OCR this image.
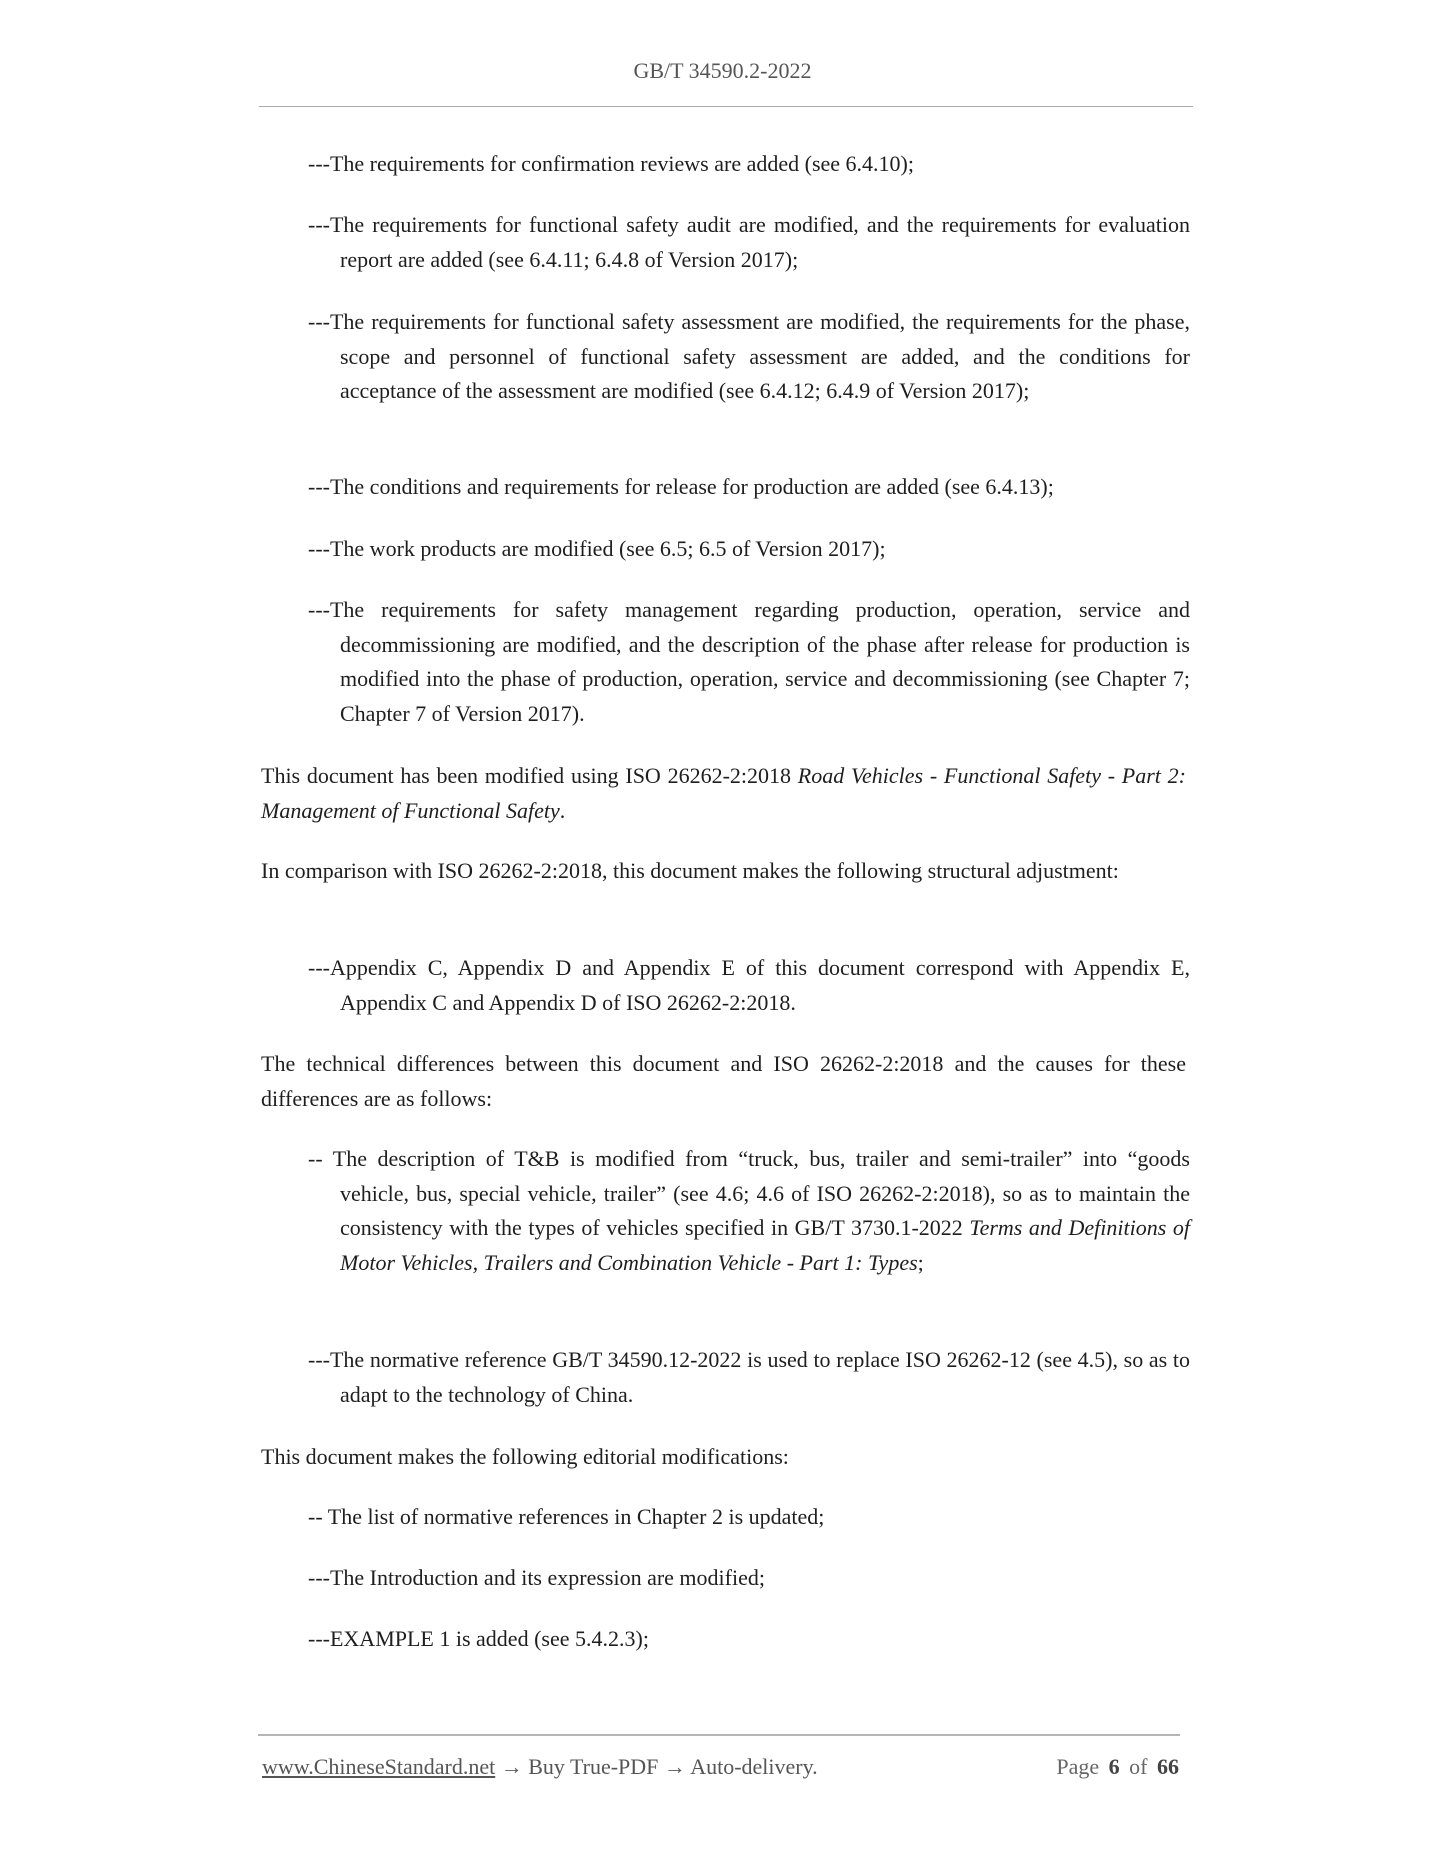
GB/T 34590.2-2022

---The requirements for confirmation reviews are added (see 6.4.10);

---The requirements for functional safety audit are modified, and the requirements for evaluation report are added (see 6.4.11; 6.4.8 of Version 2017);

---The requirements for functional safety assessment are modified, the requirements for the phase, scope and personnel of functional safety assessment are added, and the conditions for acceptance of the assessment are modified (see 6.4.12; 6.4.9 of Version 2017);

---The conditions and requirements for release for production are added (see 6.4.13);

---The work products are modified (see 6.5; 6.5 of Version 2017);

---The requirements for safety management regarding production, operation, service and decommissioning are modified, and the description of the phase after release for production is modified into the phase of production, operation, service and decommissioning (see Chapter 7; Chapter 7 of Version 2017).

This document has been modified using ISO 26262-2:2018 Road Vehicles - Functional Safety - Part 2: Management of Functional Safety.

In comparison with ISO 26262-2:2018, this document makes the following structural adjustment:

---Appendix C, Appendix D and Appendix E of this document correspond with Appendix E, Appendix C and Appendix D of ISO 26262-2:2018.

The technical differences between this document and ISO 26262-2:2018 and the causes for these differences are as follows:

-- The description of T&B is modified from “truck, bus, trailer and semi-trailer” into “goods vehicle, bus, special vehicle, trailer” (see 4.6; 4.6 of ISO 26262-2:2018), so as to maintain the consistency with the types of vehicles specified in GB/T 3730.1-2022 Terms and Definitions of Motor Vehicles, Trailers and Combination Vehicle - Part 1: Types;

---The normative reference GB/T 34590.12-2022 is used to replace ISO 26262-12 (see 4.5), so as to adapt to the technology of China.

This document makes the following editorial modifications:

-- The list of normative references in Chapter 2 is updated;

---The Introduction and its expression are modified;

---EXAMPLE 1 is added (see 5.4.2.3);

www.ChineseStandard.net → Buy True-PDF → Auto-delivery.	Page 6 of 66
